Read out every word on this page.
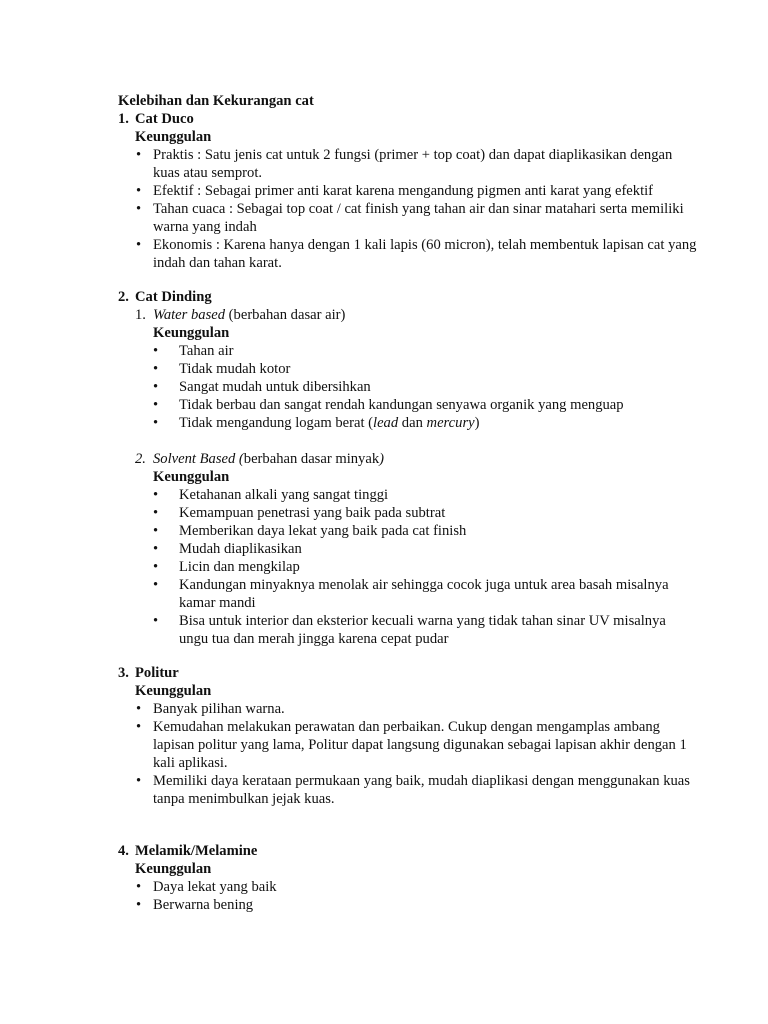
Kelebihan dan Kekurangan cat
1. Cat Duco
Keunggulan
• Praktis : Satu jenis cat untuk 2 fungsi (primer + top coat) dan dapat diaplikasikan dengan kuas atau semprot.
• Efektif : Sebagai primer anti karat karena mengandung pigmen anti karat yang efektif
• Tahan cuaca : Sebagai top coat / cat finish yang tahan air dan sinar matahari serta memiliki warna yang indah
• Ekonomis : Karena hanya dengan 1 kali lapis (60 micron), telah membentuk lapisan cat yang indah dan tahan karat.
2. Cat Dinding
1. Water based (berbahan dasar air)
Keunggulan
• Tahan air
• Tidak mudah kotor
• Sangat mudah untuk dibersihkan
• Tidak berbau dan sangat rendah kandungan senyawa organik yang menguap
• Tidak mengandung logam berat (lead dan mercury)
2. Solvent Based (berbahan dasar minyak)
Keunggulan
• Ketahanan alkali yang sangat tinggi
• Kemampuan penetrasi yang baik pada subtrat
• Memberikan daya lekat yang baik pada cat finish
• Mudah diaplikasikan
• Licin dan mengkilap
• Kandungan minyaknya menolak air sehingga cocok juga untuk area basah misalnya kamar mandi
• Bisa untuk interior dan eksterior kecuali warna yang tidak tahan sinar UV misalnya ungu tua dan merah jingga karena cepat pudar
3. Politur
Keunggulan
• Banyak pilihan warna.
• Kemudahan melakukan perawatan dan perbaikan. Cukup dengan mengamplas ambang lapisan politur yang lama, Politur dapat langsung digunakan sebagai lapisan akhir dengan 1 kali aplikasi.
• Memiliki daya kerataan permukaan yang baik, mudah diaplikasi dengan menggunakan kuas tanpa menimbulkan jejak kuas.
4. Melamik/Melamine
Keunggulan
• Daya lekat yang baik
• Berwarna bening
